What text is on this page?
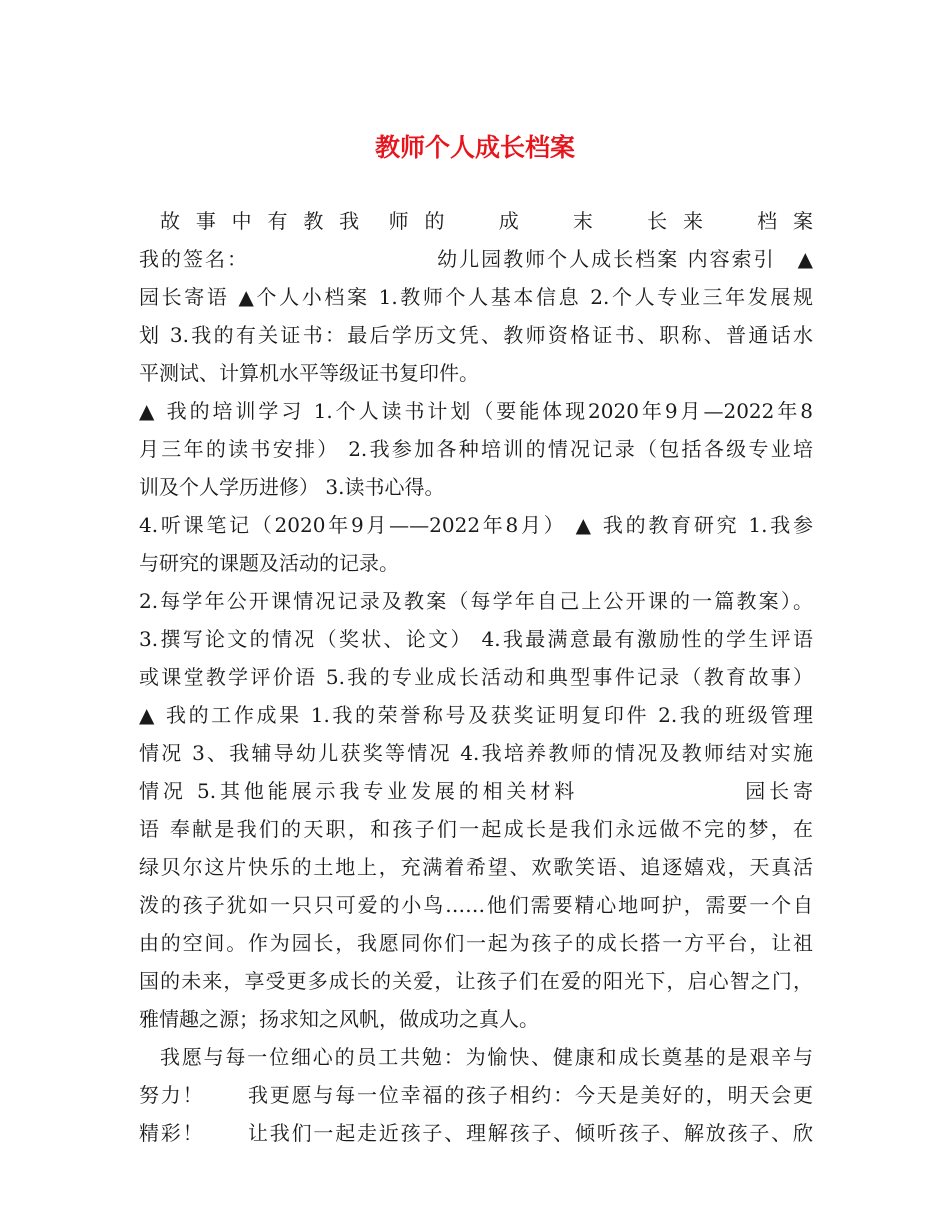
教师个人成长档案

故 事 中 有 教 我　师 的　　成　　末　　长 来　　档 案

我的签名：　　　　　　　　　幼儿园教师个人成长档案 内容索引　▲

园长寄语 ▲个人小档案 1.教师个人基本信息 2.个人专业三年发展规

划 3.我的有关证书：最后学历文凭、教师资格证书、职称、普通话水

平测试、计算机水平等级证书复印件。

▲ 我的培训学习 1.个人读书计划（要能体现2020年9月—2022年8

月三年的读书安排） 2.我参加各种培训的情况记录（包括各级专业培

训及个人学历进修） 3.读书心得。

4.听课笔记（2020年9月——2022年8月） ▲ 我的教育研究 1.我参

与研究的课题及活动的记录。

2.每学年公开课情况记录及教案（每学年自己上公开课的一篇教案）。

3.撰写论文的情况（奖状、论文） 4.我最满意最有激励性的学生评语

或课堂教学评价语 5.我的专业成长活动和典型事件记录（教育故事）

▲ 我的工作成果 1.我的荣誉称号及获奖证明复印件 2.我的班级管理

情况 3、我辅导幼儿获奖等情况 4.我培养教师的情况及教师结对实施

情况 5.其他能展示我专业发展的相关材料　　　　　　　园长寄

语 奉献是我们的天职，和孩子们一起成长是我们永远做不完的梦，在

绿贝尔这片快乐的土地上，充满着希望、欢歌笑语、追逐嬉戏，天真活

泼的孩子犹如一只只可爱的小鸟……他们需要精心地呵护，需要一个自

由的空间。作为园长，我愿同你们一起为孩子的成长搭一方平台，让祖

国的未来，享受更多成长的关爱，让孩子们在爱的阳光下，启心智之门，

雅情趣之源；扬求知之风帆，做成功之真人。

我愿与每一位细心的员工共勉：为愉快、健康和成长奠基的是艰辛与

努力！　　我更愿与每一位幸福的孩子相约：今天是美好的，明天会更

精彩！　　让我们一起走近孩子、理解孩子、倾听孩子、解放孩子、欣
